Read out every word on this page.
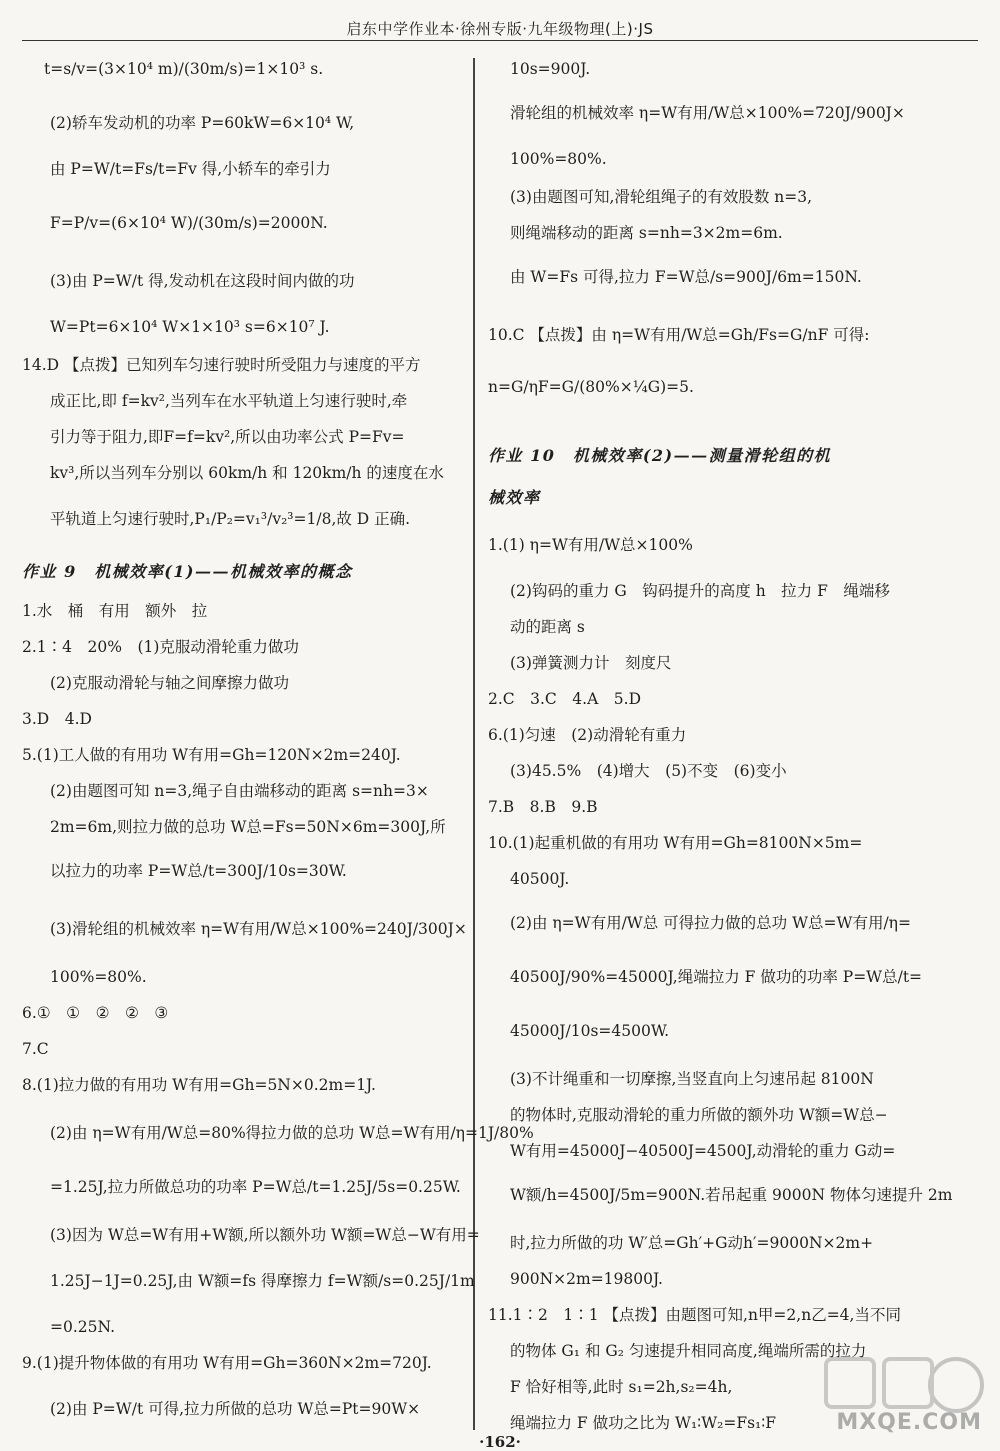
启东中学作业本·徐州专版·九年级物理(上)·JS
t=s/v=(3×10⁴ m)/(30m/s)=1×10³ s.
(2)轿车发动机的功率 P=60kW=6×10⁴ W,
由 P=W/t=Fs/t=Fv 得,小轿车的牵引力
F=P/v=(6×10⁴ W)/(30m/s)=2000N.
(3)由 P=W/t 得,发动机在这段时间内做的功
W=Pt=6×10⁴ W×1×10³ s=6×10⁷ J.
14.D 【点拨】已知列车匀速行驶时所受阻力与速度的平方
成正比,即 f=kv²,当列车在水平轨道上匀速行驶时,牵
引力等于阻力,即F=f=kv²,所以由功率公式 P=Fv=
kv³,所以当列车分别以 60km/h 和 120km/h 的速度在水
平轨道上匀速行驶时,P₁/P₂=v₁³/v₂³=1/8,故 D 正确.
作业 9　机械效率(1)——机械效率的概念
1.水　桶　有用　额外　拉
2.1∶4　20%　(1)克服动滑轮重力做功
(2)克服动滑轮与轴之间摩擦力做功
3.D　4.D
5.(1)工人做的有用功 W有用=Gh=120N×2m=240J.
(2)由题图可知 n=3,绳子自由端移动的距离 s=nh=3×
2m=6m,则拉力做的总功 W总=Fs=50N×6m=300J,所
以拉力的功率 P=W总/t=300J/10s=30W.
(3)滑轮组的机械效率 η=W有用/W总×100%=240J/300J×
100%=80%.
6.①　①　②　②　③
7.C
8.(1)拉力做的有用功 W有用=Gh=5N×0.2m=1J.
(2)由 η=W有用/W总=80%得拉力做的总功 W总=W有用/η=1J/80%
=1.25J,拉力所做总功的功率 P=W总/t=1.25J/5s=0.25W.
(3)因为 W总=W有用+W额,所以额外功 W额=W总−W有用=
1.25J−1J=0.25J,由 W额=fs 得摩擦力 f=W额/s=0.25J/1m
=0.25N.
9.(1)提升物体做的有用功 W有用=Gh=360N×2m=720J.
(2)由 P=W/t 可得,拉力所做的总功 W总=Pt=90W×
10s=900J.
滑轮组的机械效率 η=W有用/W总×100%=720J/900J×
100%=80%.
(3)由题图可知,滑轮组绳子的有效股数 n=3,
则绳端移动的距离 s=nh=3×2m=6m.
由 W=Fs 可得,拉力 F=W总/s=900J/6m=150N.
10.C 【点拨】由 η=W有用/W总=Gh/Fs=G/nF 可得:
n=G/ηF=G/(80%×¼G)=5.
作业 10　机械效率(2)——测量滑轮组的机
械效率
1.(1) η=W有用/W总×100%
(2)钩码的重力 G　钩码提升的高度 h　拉力 F　绳端移
动的距离 s
(3)弹簧测力计　刻度尺
2.C　3.C　4.A　5.D
6.(1)匀速　(2)动滑轮有重力
(3)45.5%　(4)增大　(5)不变　(6)变小
7.B　8.B　9.B
10.(1)起重机做的有用功 W有用=Gh=8100N×5m=
40500J.
(2)由 η=W有用/W总 可得拉力做的总功 W总=W有用/η=
40500J/90%=45000J,绳端拉力 F 做功的功率 P=W总/t=
45000J/10s=4500W.
(3)不计绳重和一切摩擦,当竖直向上匀速吊起 8100N
的物体时,克服动滑轮的重力所做的额外功 W额=W总−
W有用=45000J−40500J=4500J,动滑轮的重力 G动=
W额/h=4500J/5m=900N.若吊起重 9000N 物体匀速提升 2m
时,拉力所做的功 W′总=Gh′+G动h′=9000N×2m+
900N×2m=19800J.
11.1∶2　1∶1 【点拨】由题图可知,n甲=2,n乙=4,当不同
的物体 G₁ 和 G₂ 匀速提升相同高度,绳端所需的拉力
F 恰好相等,此时 s₁=2h,s₂=4h,
绳端拉力 F 做功之比为 W₁∶W₂=Fs₁∶F
·162·
MXQE.COM
